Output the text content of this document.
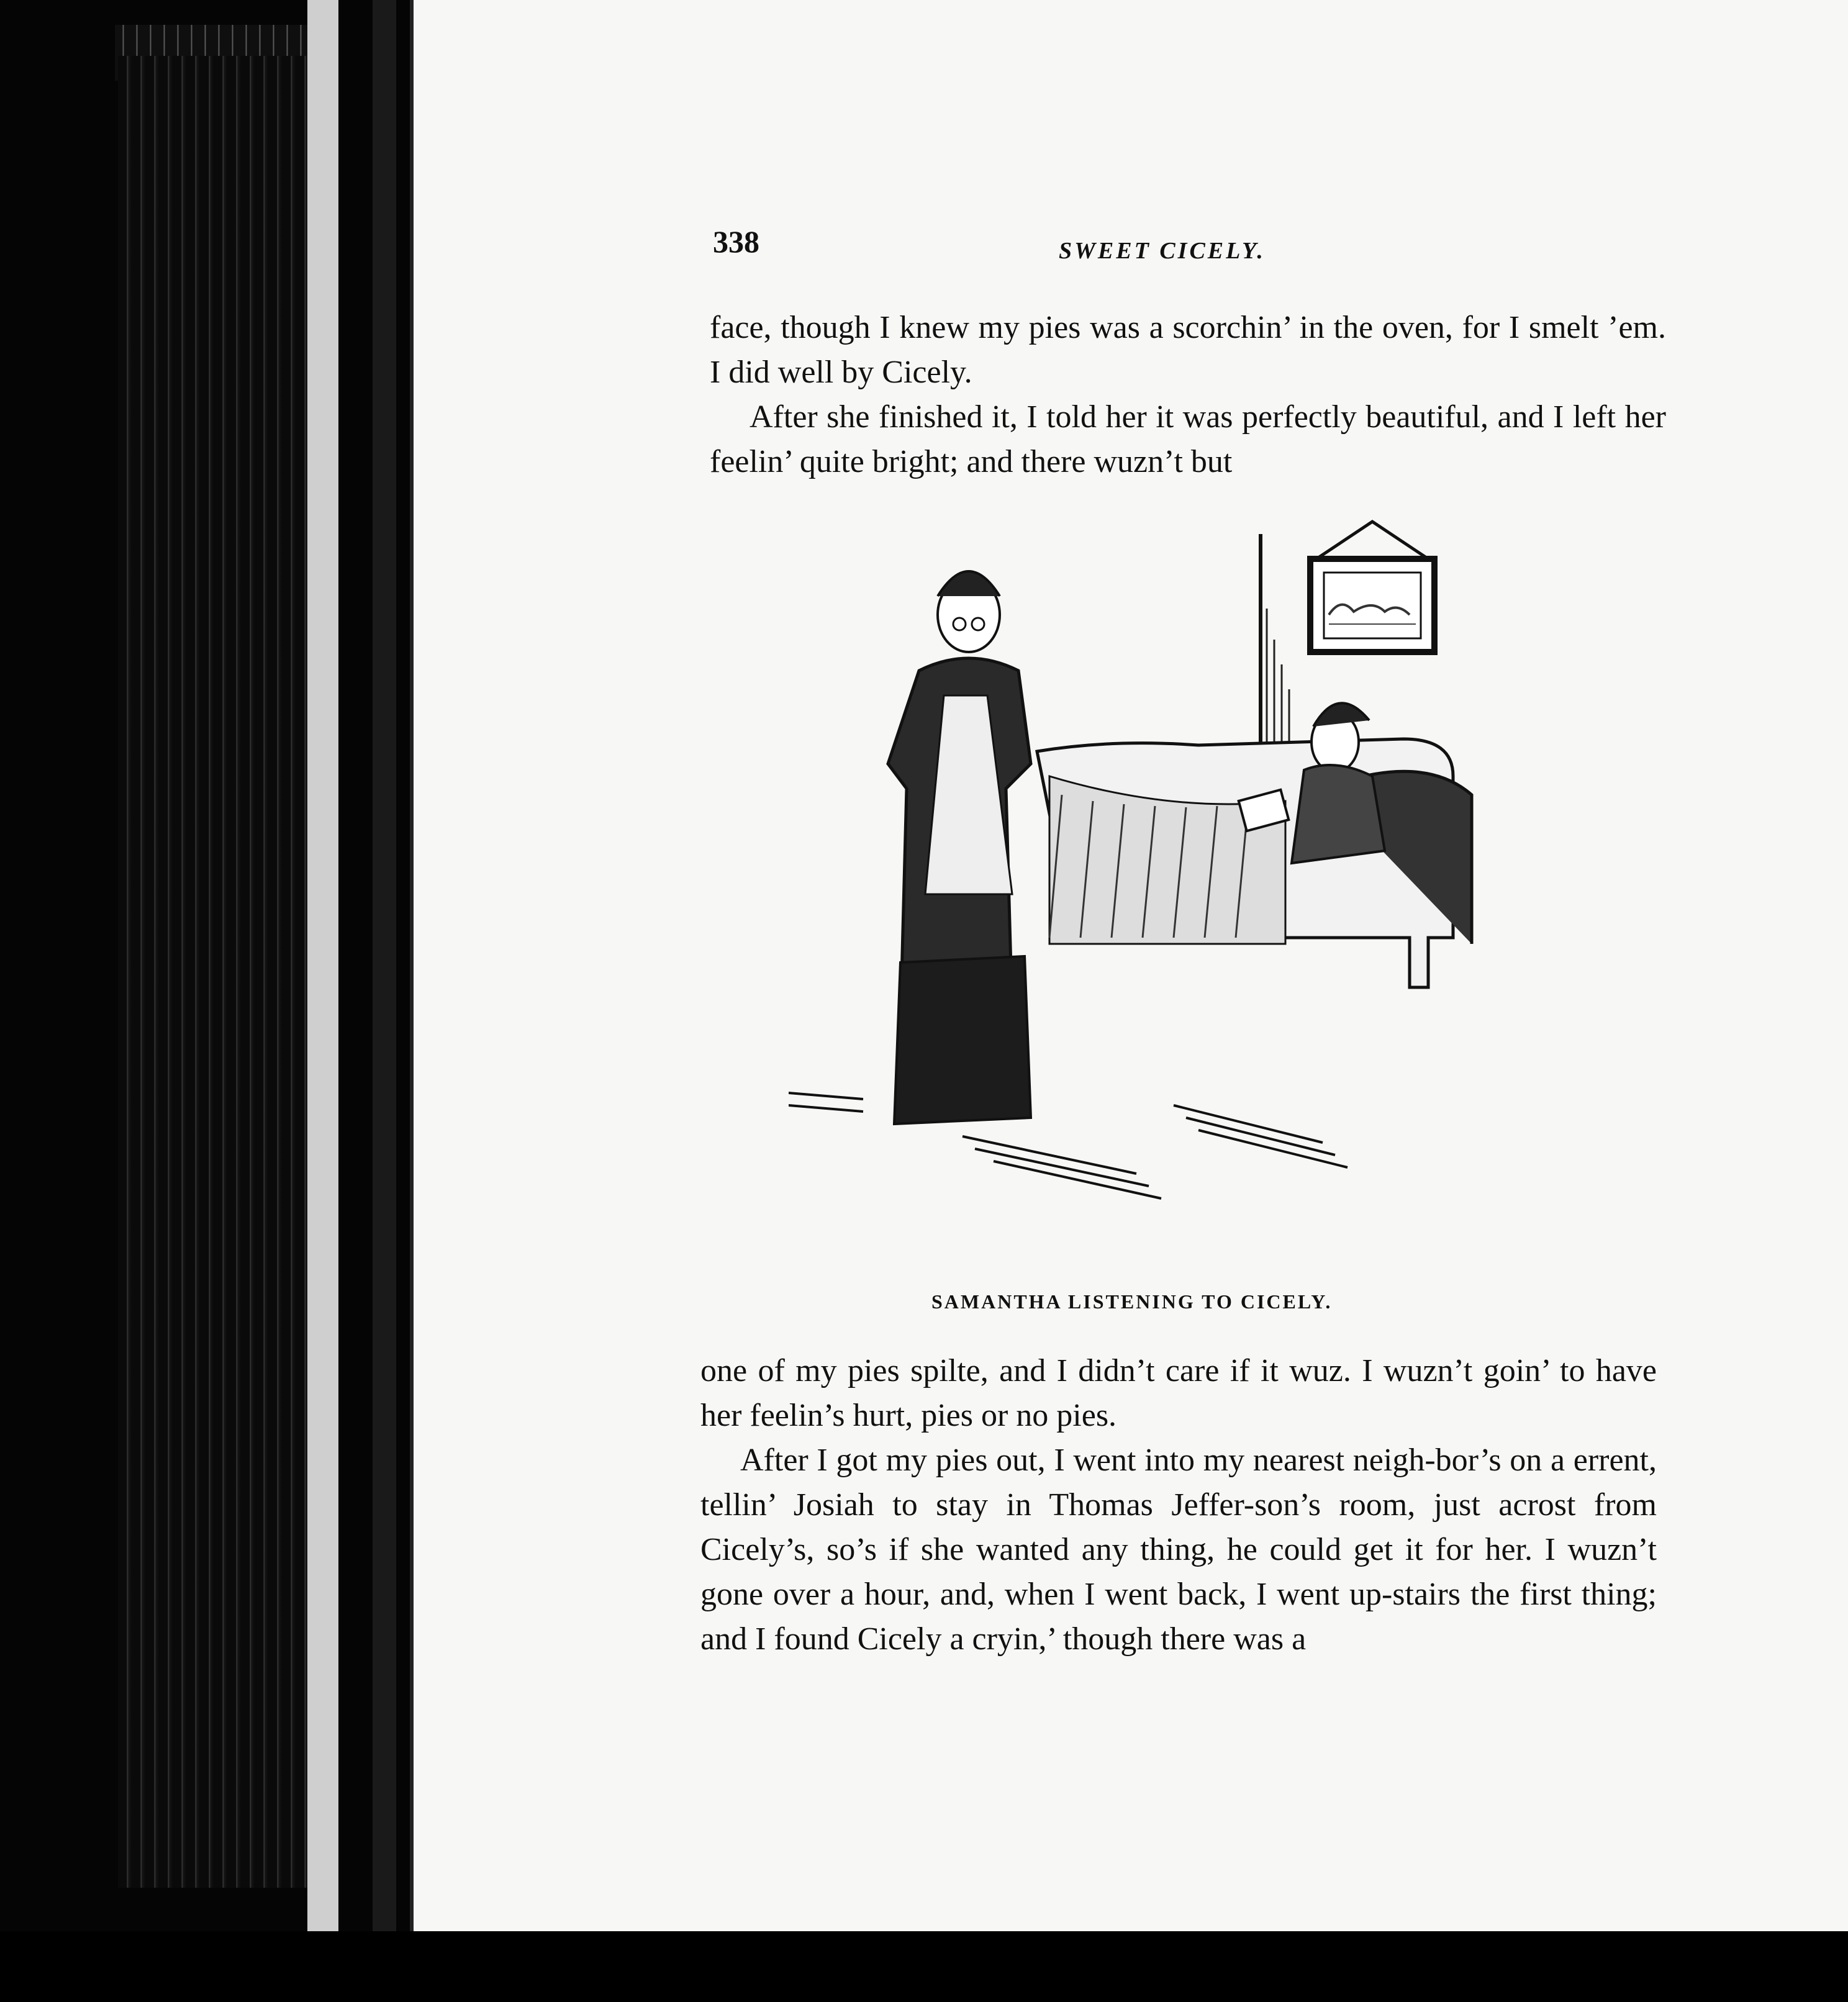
338	SWEET CICELY.

face, though I knew my pies was a scorchin’ in the oven, for I smelt ’em. I did well by Cicely.

After she finished it, I told her it was perfectly beautiful, and I left her feelin’ quite bright; and there wuzn’t but

SAMANTHA LISTENING TO CICELY.

one of my pies spilte, and I didn’t care if it wuz. I wuzn’t goin’ to have her feelin’s hurt, pies or no pies.

After I got my pies out, I went into my nearest neigh-bor’s on a errent, tellin’ Josiah to stay in Thomas Jeffer-son’s room, just acrost from Cicely’s, so’s if she wanted any thing, he could get it for her. I wuzn’t gone over a hour, and, when I went back, I went up-stairs the first thing; and I found Cicely a cryin,’ though there was a
